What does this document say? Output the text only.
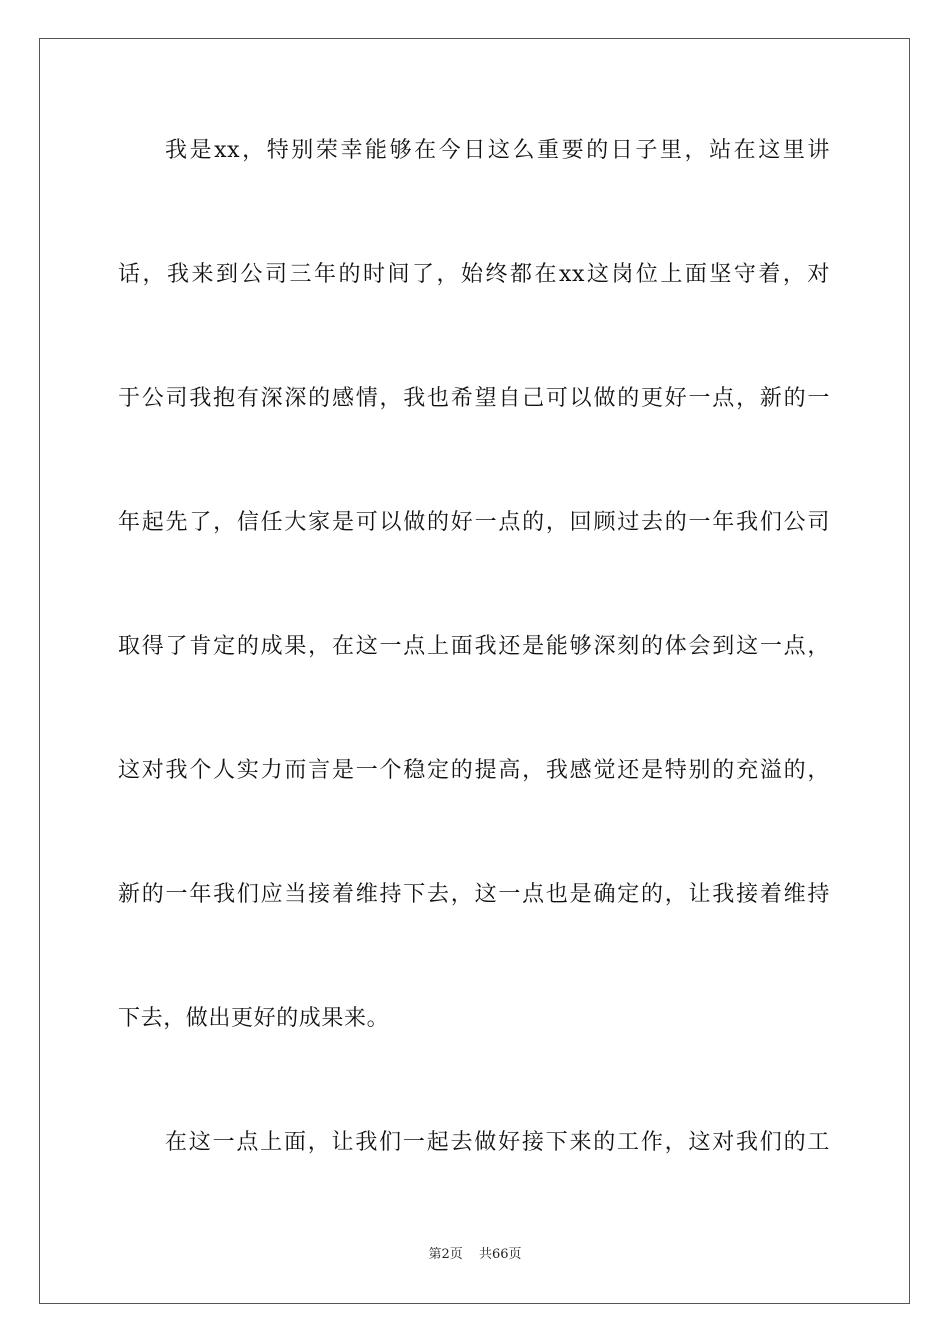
我是xx，特别荣幸能够在今日这么重要的日子里，站在这里讲
话，我来到公司三年的时间了，始终都在xx这岗位上面坚守着，对
于公司我抱有深深的感情，我也希望自己可以做的更好一点，新的一
年起先了，信任大家是可以做的好一点的，回顾过去的一年我们公司
取得了肯定的成果，在这一点上面我还是能够深刻的体会到这一点，
这对我个人实力而言是一个稳定的提高，我感觉还是特别的充溢的，
新的一年我们应当接着维持下去，这一点也是确定的，让我接着维持
下去，做出更好的成果来。
在这一点上面，让我们一起去做好接下来的工作，这对我们的工
第2页 共66页
